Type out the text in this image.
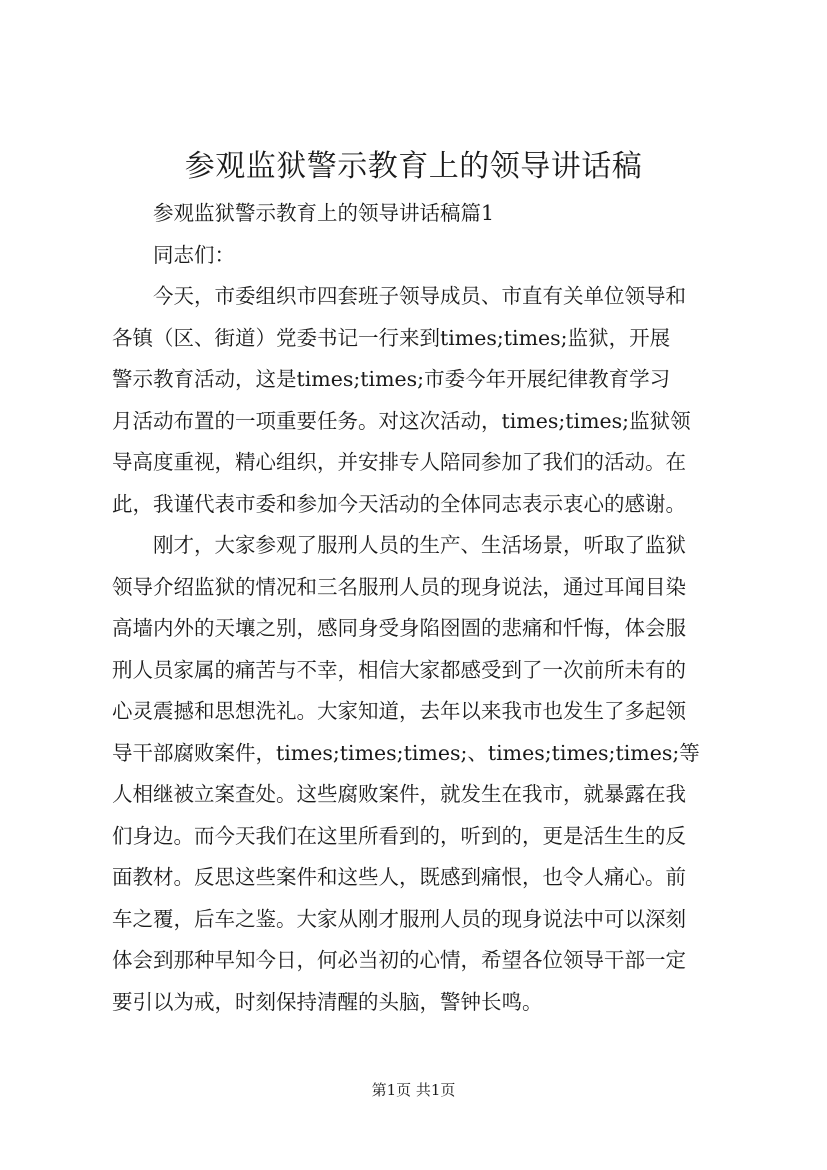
参观监狱警示教育上的领导讲话稿
参观监狱警示教育上的领导讲话稿篇1
同志们：
今天，市委组织市四套班子领导成员、市直有关单位领导和
各镇（区、街道）党委书记一行来到times;times;监狱，开展
警示教育活动，这是times;times;市委今年开展纪律教育学习
月活动布置的一项重要任务。对这次活动，times;times;监狱领
导高度重视，精心组织，并安排专人陪同参加了我们的活动。在
此，我谨代表市委和参加今天活动的全体同志表示衷心的感谢。
刚才，大家参观了服刑人员的生产、生活场景，听取了监狱
领导介绍监狱的情况和三名服刑人员的现身说法，通过耳闻目染
高墙内外的天壤之别，感同身受身陷囹圄的悲痛和忏悔，体会服
刑人员家属的痛苦与不幸，相信大家都感受到了一次前所未有的
心灵震撼和思想洗礼。大家知道，去年以来我市也发生了多起领
导干部腐败案件，times;times;times;、times;times;times;等
人相继被立案查处。这些腐败案件，就发生在我市，就暴露在我
们身边。而今天我们在这里所看到的，听到的，更是活生生的反
面教材。反思这些案件和这些人，既感到痛恨，也令人痛心。前
车之覆，后车之鉴。大家从刚才服刑人员的现身说法中可以深刻
体会到那种早知今日，何必当初的心情，希望各位领导干部一定
要引以为戒，时刻保持清醒的头脑，警钟长鸣。
第1页 共1页
